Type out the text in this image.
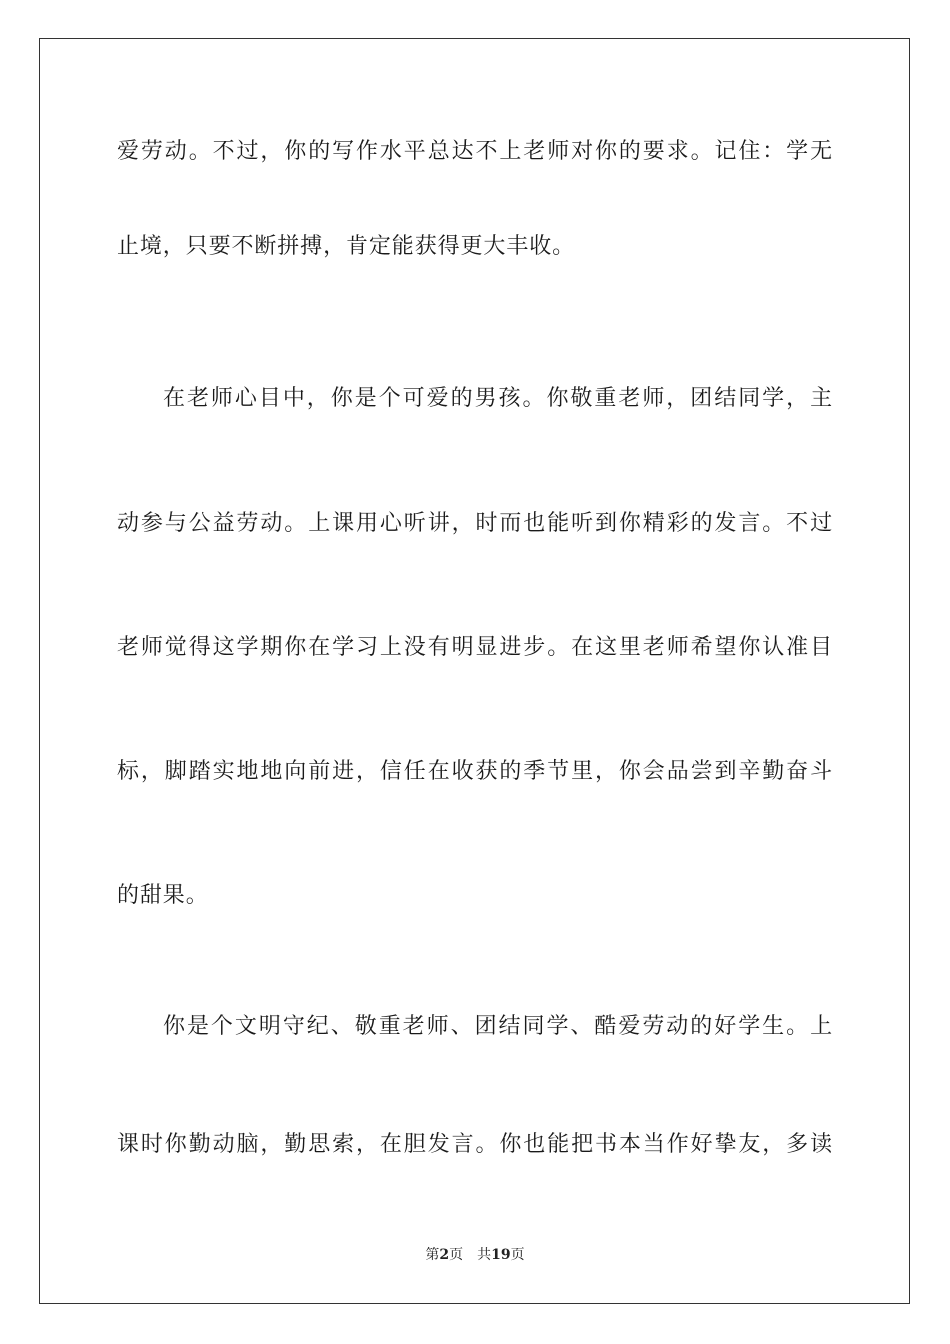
爱劳动。不过，你的写作水平总达不上老师对你的要求。记住：学无
止境，只要不断拼搏，肯定能获得更大丰收。
在老师心目中，你是个可爱的男孩。你敬重老师，团结同学，主
动参与公益劳动。上课用心听讲，时而也能听到你精彩的发言。不过
老师觉得这学期你在学习上没有明显进步。在这里老师希望你认准目
标，脚踏实地地向前进，信任在收获的季节里，你会品尝到辛勤奋斗
的甜果。
你是个文明守纪、敬重老师、团结同学、酷爱劳动的好学生。上
课时你勤动脑，勤思索，在胆发言。你也能把书本当作好挚友，多读
第2页 共19页
